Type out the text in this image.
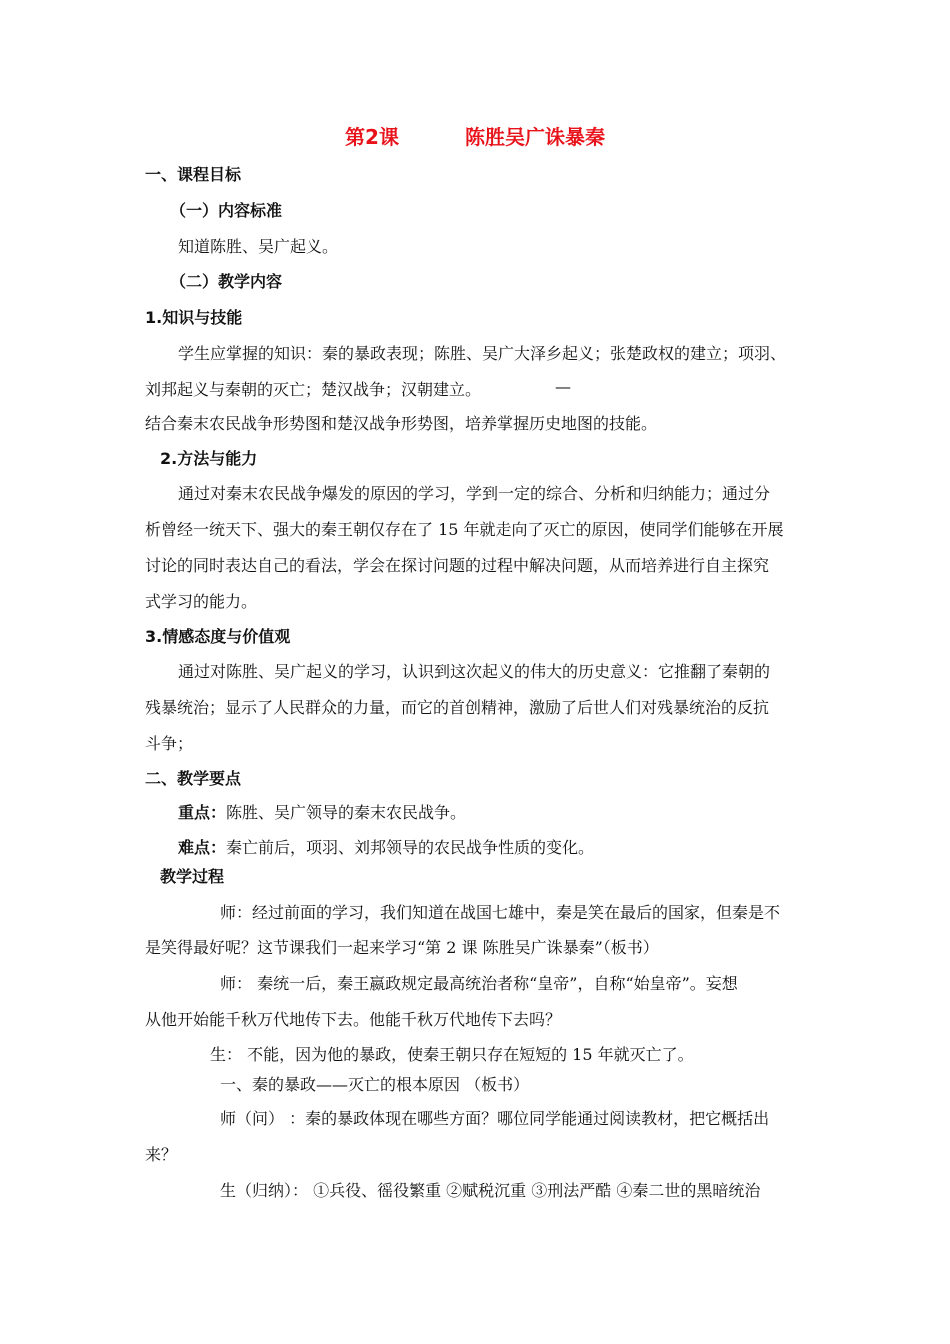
第2课	陈胜吴广诛暴秦
一、课程目标
（一）内容标准
知道陈胜、吴广起义。
（二）教学内容
1.知识与技能
学生应掌握的知识：秦的暴政表现；陈胜、吴广大泽乡起义；张楚政权的建立；项羽、
刘邦起义与秦朝的灭亡；楚汉战争；汉朝建立。	—
结合秦末农民战争形势图和楚汉战争形势图，培养掌握历史地图的技能。
2.方法与能力
通过对秦末农民战争爆发的原因的学习，学到一定的综合、分析和归纳能力；通过分
析曾经一统天下、强大的秦王朝仅存在了 15 年就走向了灭亡的原因，使同学们能够在开展
讨论的同时表达自己的看法，学会在探讨问题的过程中解决问题，从而培养进行自主探究
式学习的能力。
3.情感态度与价值观
通过对陈胜、吴广起义的学习，认识到这次起义的伟大的历史意义：它推翻了秦朝的
残暴统治；显示了人民群众的力量，而它的首创精神，激励了后世人们对残暴统治的反抗
斗争；
二、教学要点
重点：陈胜、吴广领导的秦末农民战争。
难点：秦亡前后，项羽、刘邦领导的农民战争性质的变化。
教学过程
师：经过前面的学习，我们知道在战国七雄中，秦是笑在最后的国家，但秦是不
是笑得最好呢？这节课我们一起来学习“第 2 课 陈胜吴广诛暴秦”（板书）
师： 秦统一后，秦王嬴政规定最高统治者称“皇帝”，自称“始皇帝”。妄想
从他开始能千秋万代地传下去。他能千秋万代地传下去吗？
生： 不能，因为他的暴政，使秦王朝只存在短短的 15 年就灭亡了。
一、秦的暴政——灭亡的根本原因 （板书）
师（问） ：秦的暴政体现在哪些方面？哪位同学能通过阅读教材，把它概括出
来？
生（归纳）： ①兵役、徭役繁重 ②赋税沉重 ③刑法严酷 ④秦二世的黑暗统治
